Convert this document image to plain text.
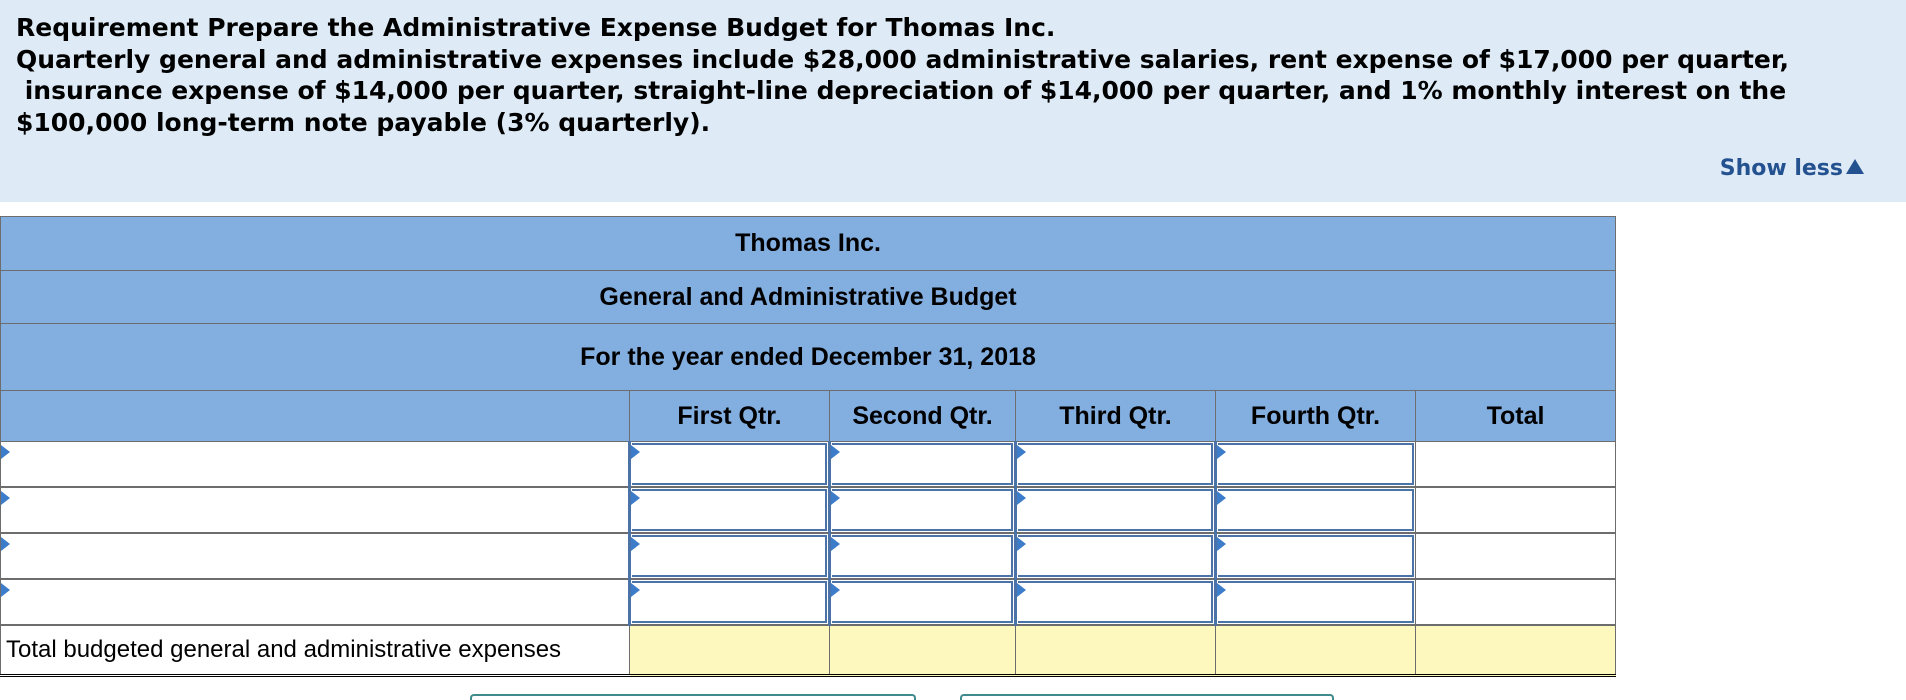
Requirement Prepare the Administrative Expense Budget for Thomas Inc.
Quarterly general and administrative expenses include $28,000 administrative salaries, rent expense of $17,000 per quarter,
insurance expense of $14,000 per quarter, straight-line depreciation of $14,000 per quarter, and 1% monthly interest on the
$100,000 long-term note payable (3% quarterly).
Show less
Thomas Inc.					
General and Administrative Budget					
For the year ended December 31, 2018					
	First Qtr.	Second Qtr.	Third Qtr.	Fourth Qtr.	Total

Total budgeted general and administrative expenses					
